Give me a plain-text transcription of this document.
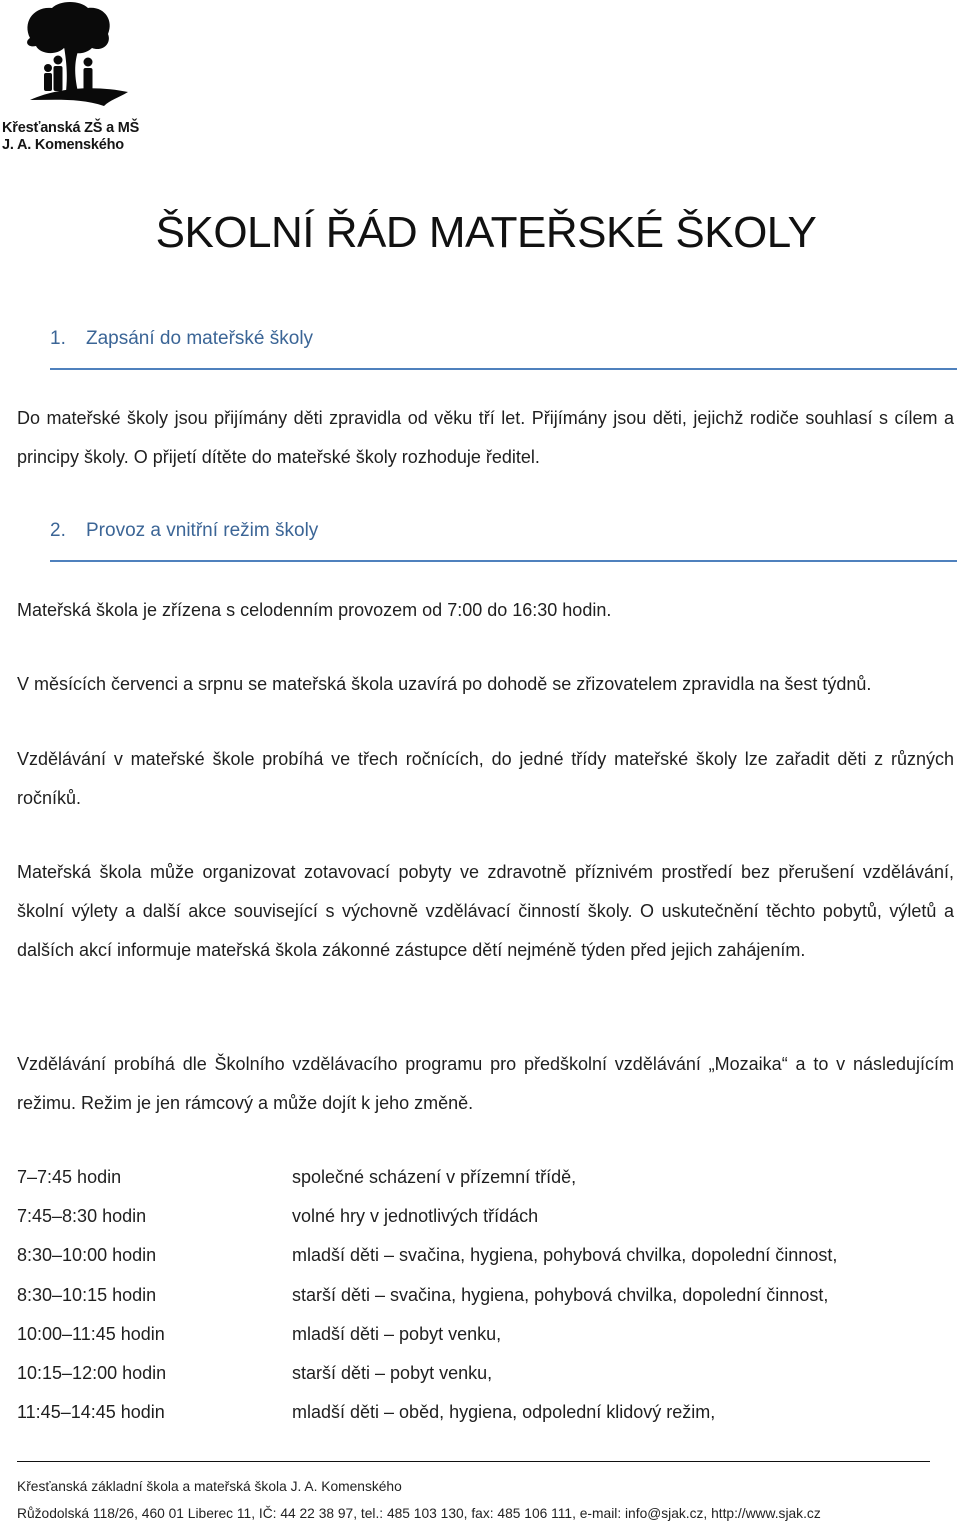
Křesťanská ZŠ a MŠ
J. A. Komenského
ŠKOLNÍ ŘÁD MATEŘSKÉ ŠKOLY
1. Zapsání do mateřské školy

Do mateřské školy jsou přijímány děti zpravidla od věku tří let. Přijímány jsou děti, jejichž rodiče souhlasí s cílem a principy školy. O přijetí dítěte do mateřské školy rozhoduje ředitel.

2. Provoz a vnitřní režim školy

Mateřská škola je zřízena s celodenním provozem od 7:00 do 16:30 hodin.

V měsících červenci a srpnu se mateřská škola uzavírá po dohodě se zřizovatelem zpravidla na šest týdnů.

Vzdělávání v mateřské škole probíhá ve třech ročnících, do jedné třídy mateřské školy lze zařadit děti z různých ročníků.

Mateřská škola může organizovat zotavovací pobyty ve zdravotně příznivém prostředí bez přerušení vzdělávání, školní výlety a další akce související s výchovně vzdělávací činností školy. O uskutečnění těchto pobytů, výletů a dalších akcí informuje mateřská škola zákonné zástupce dětí nejméně týden před jejich zahájením.

Vzdělávání probíhá dle Školního vzdělávacího programu pro předškolní vzdělávání „Mozaika“ a to v následujícím režimu. Režim je jen rámcový a může dojít k jeho změně.

7–7:45 hodin	společné scházení v přízemní třídě,
7:45–8:30 hodin	volné hry v jednotlivých třídách
8:30–10:00 hodin	mladší děti – svačina, hygiena, pohybová chvilka, dopolední činnost,
8:30–10:15 hodin	starší děti – svačina, hygiena, pohybová chvilka, dopolední činnost,
10:00–11:45 hodin	mladší děti – pobyt venku,
10:15–12:00 hodin	starší děti – pobyt venku,
11:45–14:45 hodin	mladší děti – oběd, hygiena, odpolední klidový režim,
Křesťanská základní škola a mateřská škola J. A. Komenského
Růžodolská 118/26, 460 01 Liberec 11, IČ: 44 22 38 97, tel.: 485 103 130, fax: 485 106 111, e-mail: info@sjak.cz, http://www.sjak.cz
